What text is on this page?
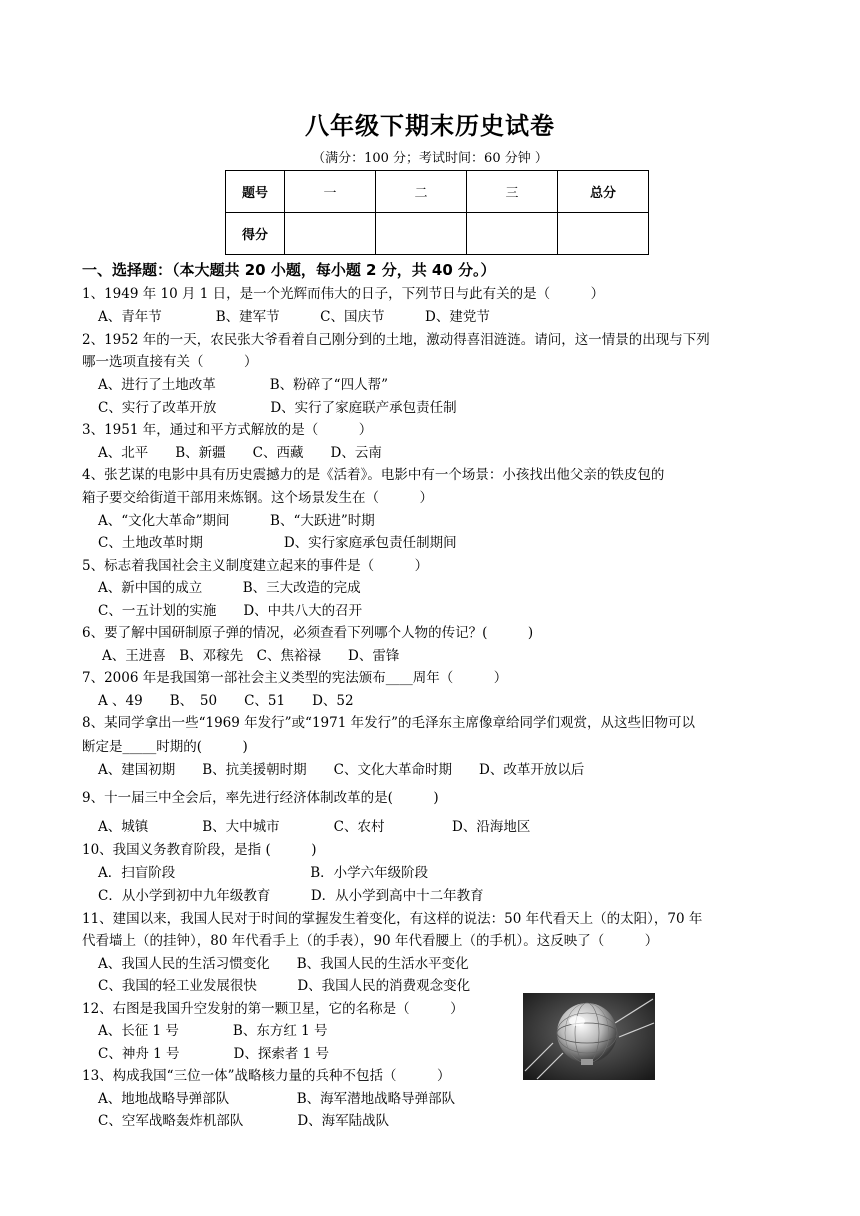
八年级下期末历史试卷
（满分：100 分；考试时间：60 分钟 ）
题号	一	二	三	总分
得分				
一、选择题：（本大题共 20 小题，每小题 2 分，共 40 分。）
1、1949 年 10 月 1 日，是一个光辉而伟大的日子，下列节日与此有关的是（　　　）
A、青年节　　　　B、建军节　　　C、国庆节　　　D、建党节
2、1952 年的一天，农民张大爷看着自己刚分到的土地，激动得喜泪涟涟。请问，这一情景的出现与下列
哪一选项直接有关（　　　）
A、进行了土地改革　　　　B、粉碎了“四人帮”
C、实行了改革开放　　　　D、实行了家庭联产承包责任制
3、1951 年，通过和平方式解放的是（　　　）
A、北平　　B、新疆　　C、西藏　　D、云南
4、张艺谋的电影中具有历史震撼力的是《活着》。电影中有一个场景：小孩找出他父亲的铁皮包的
箱子要交给街道干部用来炼钢。这个场景发生在（　　　）
A、“文化大革命”期间　　　B、“大跃进”时期
C、土地改革时期　　　　　　D、实行家庭承包责任制期间
5、标志着我国社会主义制度建立起来的事件是（　　　）
A、新中国的成立　　　B、三大改造的完成
C、一五计划的实施　　D、中共八大的召开
6、要了解中国研制原子弹的情况，必须查看下列哪个人物的传记？(　　　)
A、王进喜　B、邓稼先　C、焦裕禄　　D、雷锋
7、2006 年是我国第一部社会主义类型的宪法颁布____周年（　　　）
A 、49　　B、　50　　C、51　　D、52
8、某同学拿出一些“1969 年发行”或“1971 年发行”的毛泽东主席像章给同学们观赏，从这些旧物可以
断定是_____时期的(　　　)
A、建国初期　　B、抗美援朝时期　　C、文化大革命时期　　D、改革开放以后
9、十一届三中全会后，率先进行经济体制改革的是(　　　)
A、城镇　　　　B、大中城市　　　　C、农村　　　　　D、沿海地区
10、我国义务教育阶段，是指 (　　　)
A．扫盲阶段　　　　　　　　　　B．小学六年级阶段
C．从小学到初中九年级教育　　　D．从小学到高中十二年教育
11、建国以来，我国人民对于时间的掌握发生着变化，有这样的说法：50 年代看天上（的太阳），70 年
代看墙上（的挂钟），80 年代看手上（的手表），90 年代看腰上（的手机）。这反映了（　　　）
A、我国人民的生活习惯变化　　B、我国人民的生活水平变化
C、我国的轻工业发展很快　　　D、我国人民的消费观念变化
12、右图是我国升空发射的第一颗卫星，它的名称是（　　　）
A、长征 1 号　　　　B、东方红 1 号
C、神舟 1 号　　　　D、探索者 1 号
13、构成我国“三位一体”战略核力量的兵种不包括（　　　）
A、地地战略导弹部队　　　　　B、海军潜地战略导弹部队
C、空军战略轰炸机部队　　　　D、海军陆战队
